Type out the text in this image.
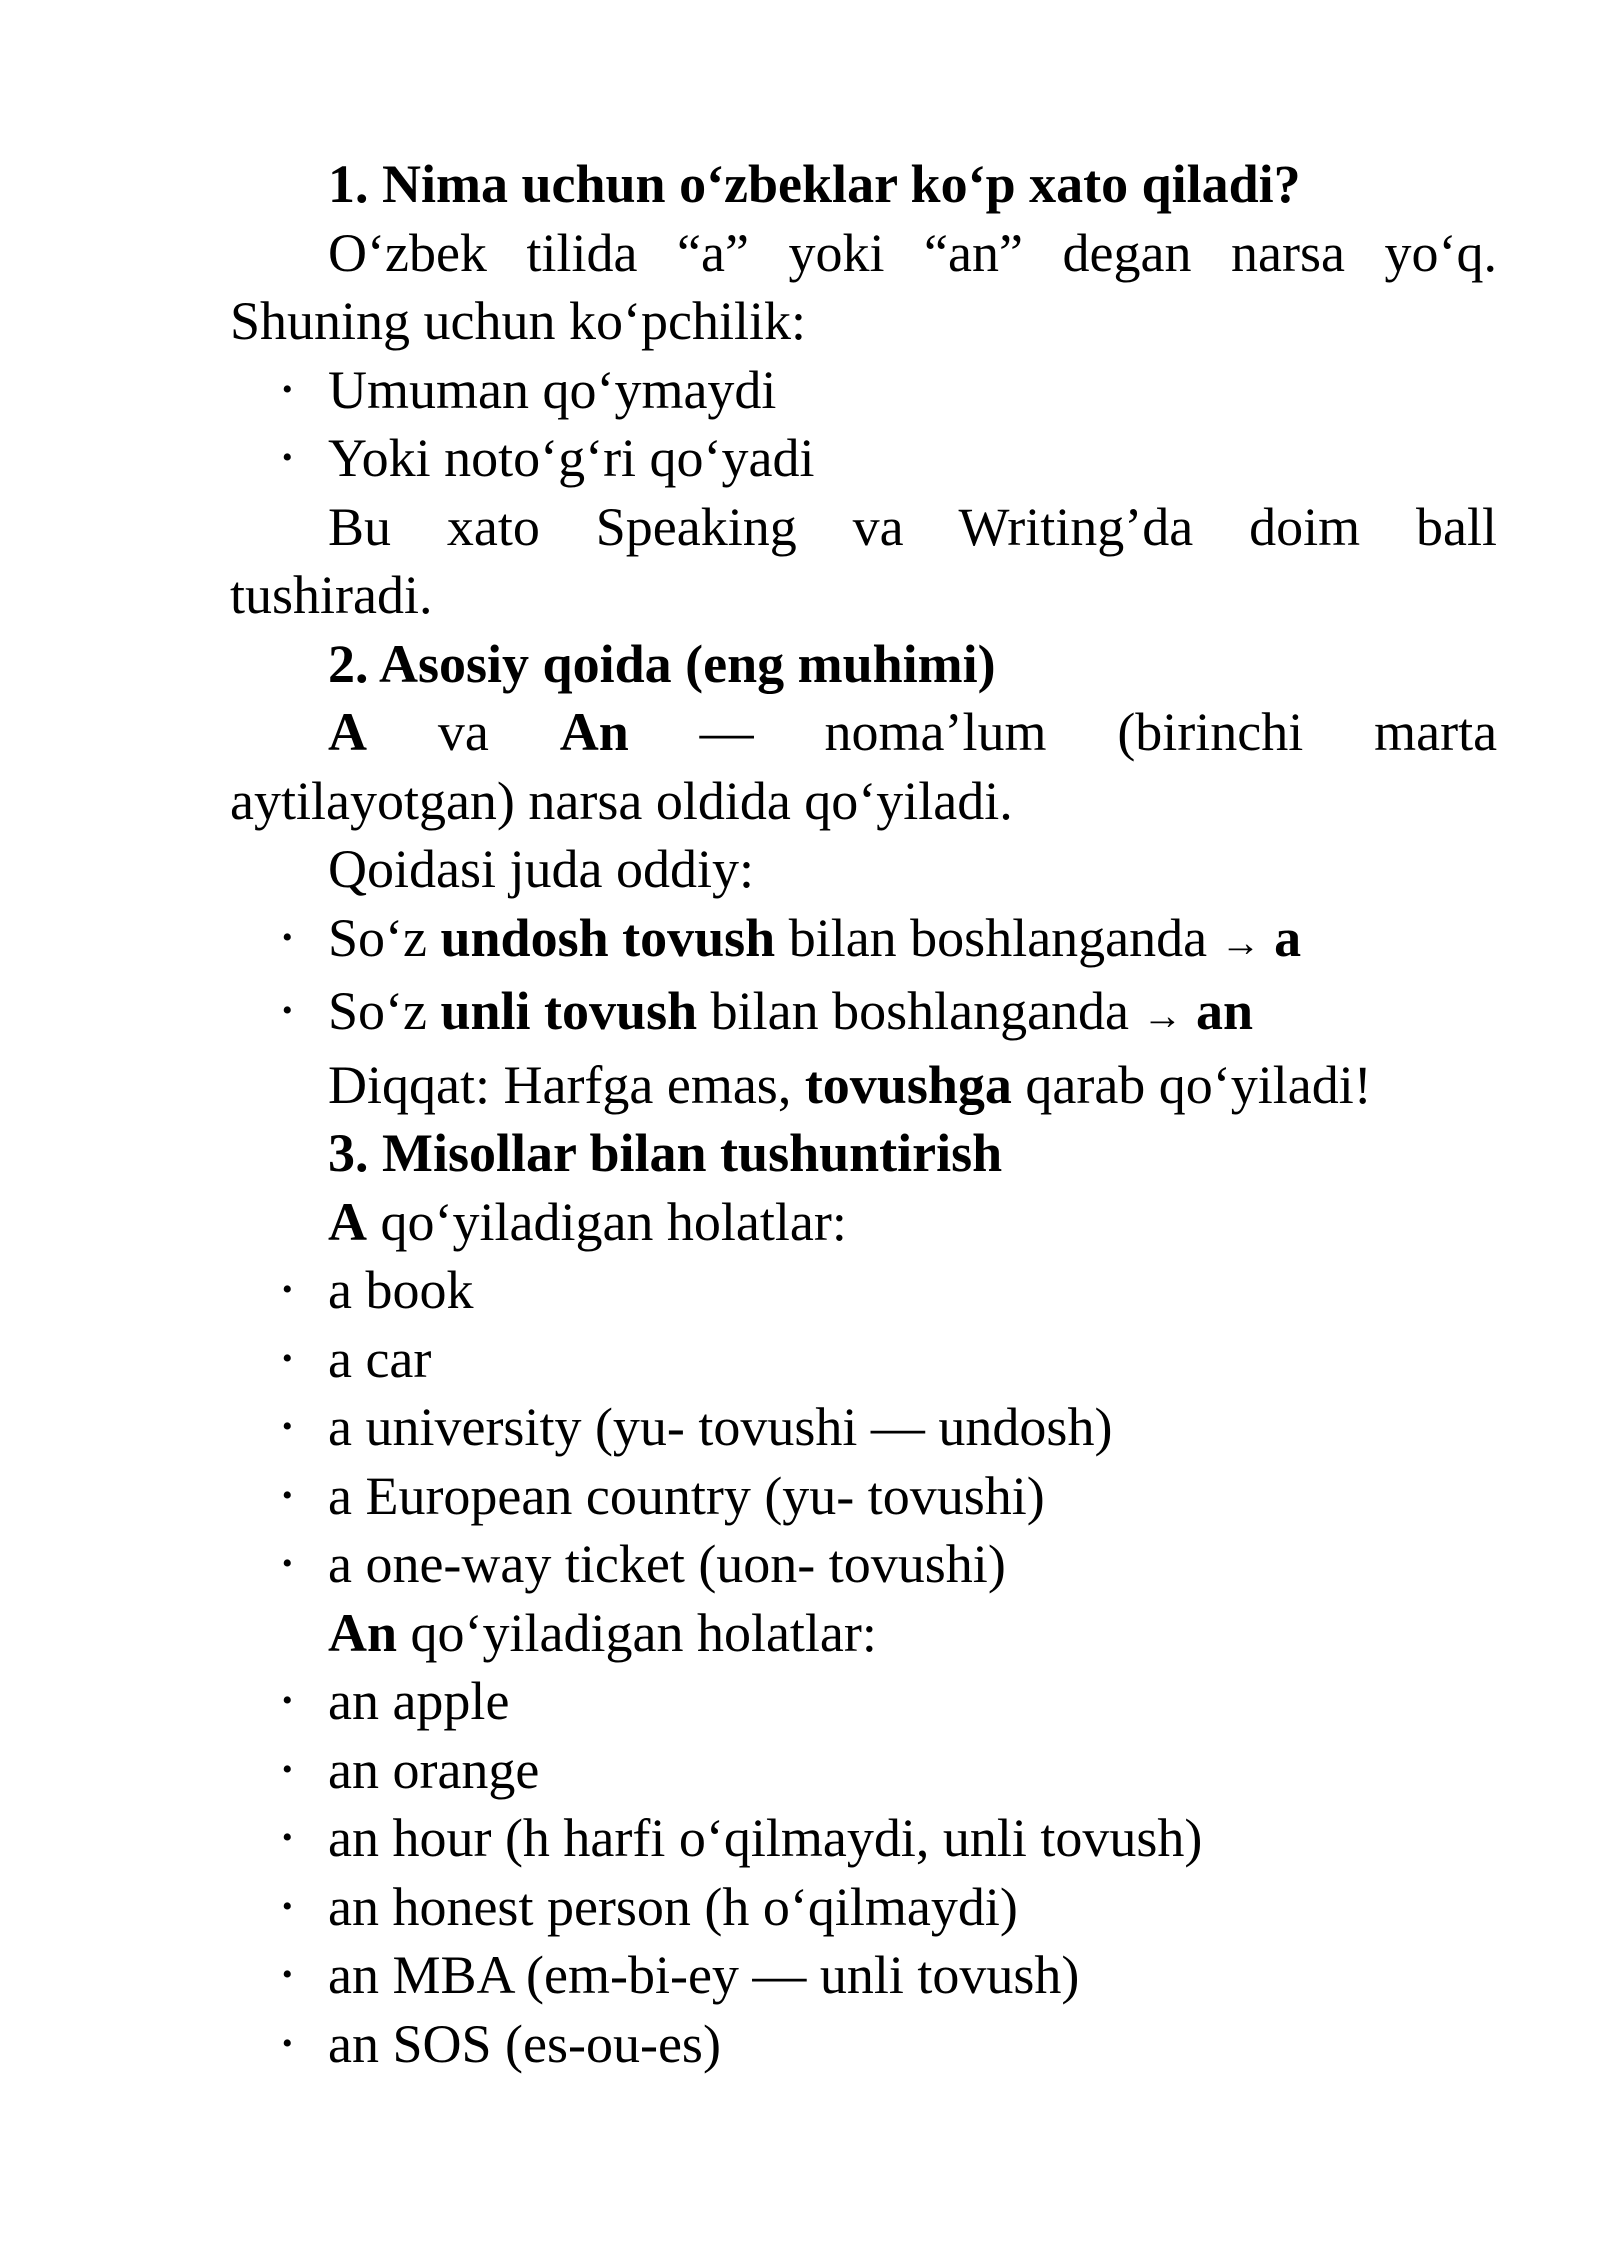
1. Nima uchun o‘zbeklar ko‘p xato qiladi?
O‘zbek tilida “a” yoki “an” degan narsa yo‘q.
Shuning uchun ko‘pchilik:
• Umuman qo‘ymaydi
• Yoki noto‘g‘ri qo‘yadi
Bu xato Speaking va Writing’da doim ball
tushiradi.
2. Asosiy qoida (eng muhimi)
A va An — noma’lum (birinchi marta
aytilayotgan) narsa oldida qo‘yiladi.
Qoidasi juda oddiy:
• So‘z undosh tovush bilan boshlanganda → a
• So‘z unli tovush bilan boshlanganda → an
Diqqat: Harfga emas, tovushga qarab qo‘yiladi!
3. Misollar bilan tushuntirish
A qo‘yiladigan holatlar:
• a book
• a car
• a university (yu- tovushi — undosh)
• a European country (yu- tovushi)
• a one-way ticket (uon- tovushi)
An qo‘yiladigan holatlar:
• an apple
• an orange
• an hour (h harfi o‘qilmaydi, unli tovush)
• an honest person (h o‘qilmaydi)
• an MBA (em-bi-ey — unli tovush)
• an SOS (es-ou-es)
